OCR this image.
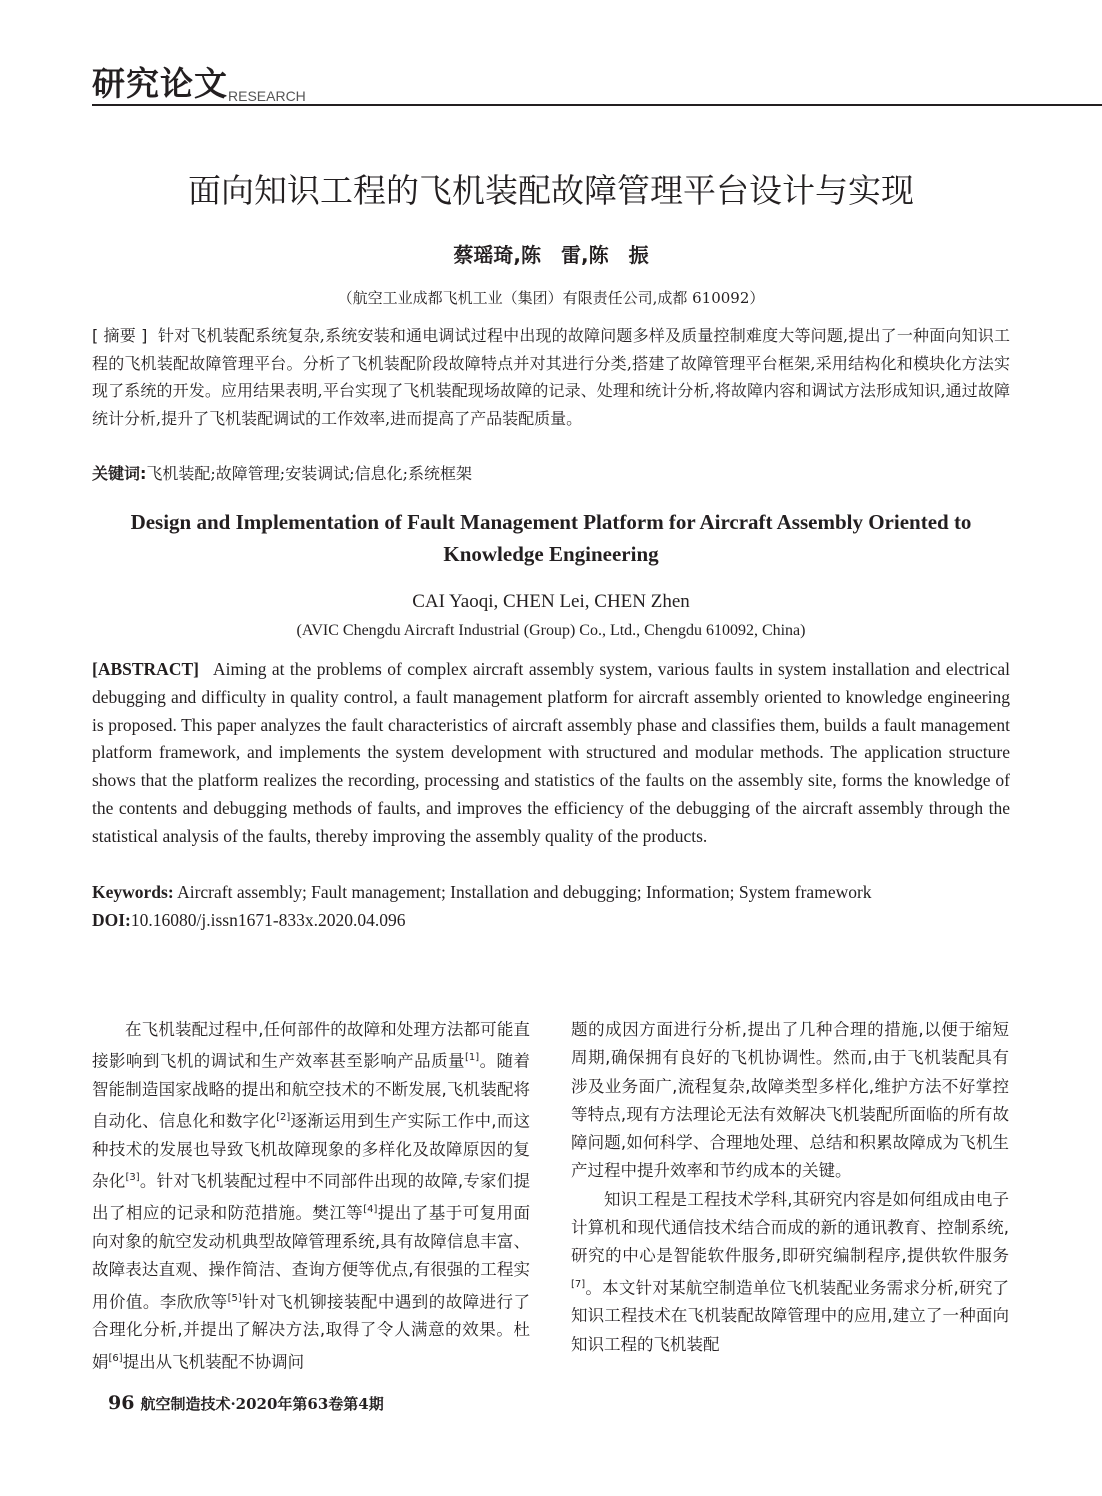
研究论文 RESEARCH
面向知识工程的飞机装配故障管理平台设计与实现
蔡瑶琦,陈　雷,陈　振
（航空工业成都飞机工业（集团）有限责任公司,成都 610092）
[ 摘要 ] 针对飞机装配系统复杂,系统安装和通电调试过程中出现的故障问题多样及质量控制难度大等问题,提出了一种面向知识工程的飞机装配故障管理平台。分析了飞机装配阶段故障特点并对其进行分类,搭建了故障管理平台框架,采用结构化和模块化方法实现了系统的开发。应用结果表明,平台实现了飞机装配现场故障的记录、处理和统计分析,将故障内容和调试方法形成知识,通过故障统计分析,提升了飞机装配调试的工作效率,进而提高了产品装配质量。
关键词:飞机装配;故障管理;安装调试;信息化;系统框架
Design and Implementation of Fault Management Platform for Aircraft Assembly Oriented to Knowledge Engineering
CAI Yaoqi, CHEN Lei, CHEN Zhen
(AVIC Chengdu Aircraft Industrial (Group) Co., Ltd., Chengdu 610092, China)
[ABSTRACT] Aiming at the problems of complex aircraft assembly system, various faults in system installation and electrical debugging and difficulty in quality control, a fault management platform for aircraft assembly oriented to knowledge engineering is proposed. This paper analyzes the fault characteristics of aircraft assembly phase and classifies them, builds a fault management platform framework, and implements the system development with structured and modular methods. The application structure shows that the platform realizes the recording, processing and statistics of the faults on the assembly site, forms the knowledge of the contents and debugging methods of faults, and improves the efficiency of the debugging of the aircraft assembly through the statistical analysis of the faults, thereby improving the assembly quality of the products.
Keywords: Aircraft assembly; Fault management; Installation and debugging; Information; System framework
DOI:10.16080/j.issn1671-833x.2020.04.096

在飞机装配过程中,任何部件的故障和处理方法都可能直接影响到飞机的调试和生产效率甚至影响产品质量[1]。随着智能制造国家战略的提出和航空技术的不断发展,飞机装配将自动化、信息化和数字化[2]逐渐运用到生产实际工作中,而这种技术的发展也导致飞机故障现象的多样化及故障原因的复杂化[3]。针对飞机装配过程中不同部件出现的故障,专家们提出了相应的记录和防范措施。樊江等[4]提出了基于可复用面向对象的航空发动机典型故障管理系统,具有故障信息丰富、故障表达直观、操作简洁、查询方便等优点,有很强的工程实用价值。李欣欣等[5]针对飞机铆接装配中遇到的故障进行了合理化分析,并提出了解决方法,取得了令人满意的效果。杜娟[6]提出从飞机装配不协调问

题的成因方面进行分析,提出了几种合理的措施,以便于缩短周期,确保拥有良好的飞机协调性。然而,由于飞机装配具有涉及业务面广,流程复杂,故障类型多样化,维护方法不好掌控等特点,现有方法理论无法有效解决飞机装配所面临的所有故障问题,如何科学、合理地处理、总结和积累故障成为飞机生产过程中提升效率和节约成本的关键。

知识工程是工程技术学科,其研究内容是如何组成由电子计算机和现代通信技术结合而成的新的通讯教育、控制系统,研究的中心是智能软件服务,即研究编制程序,提供软件服务[7]。本文针对某航空制造单位飞机装配业务需求分析,研究了知识工程技术在飞机装配故障管理中的应用,建立了一种面向知识工程的飞机装配

96 航空制造技术·2020年第63卷第4期
